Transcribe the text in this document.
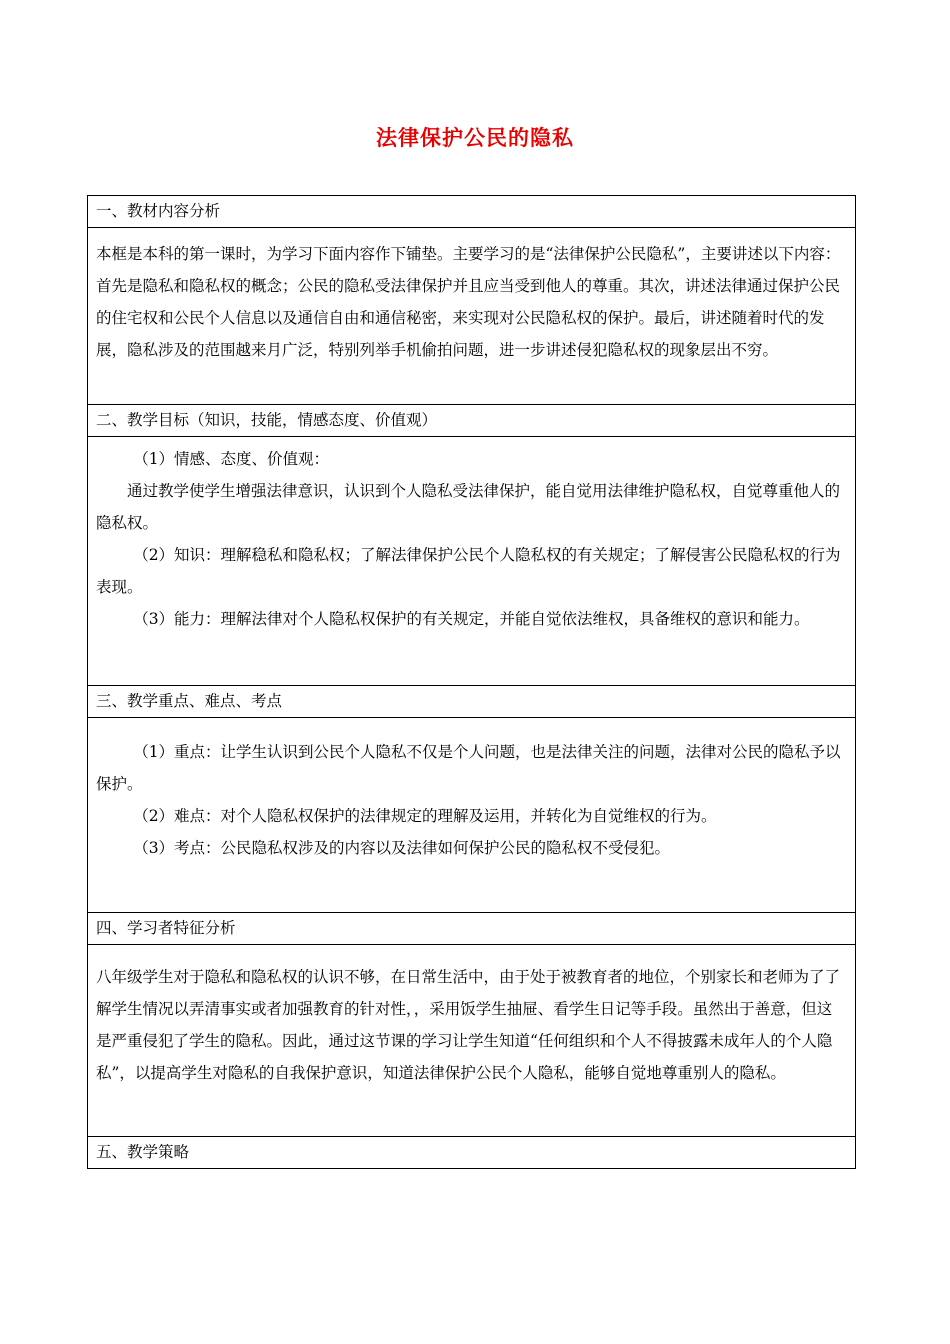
法律保护公民的隐私
一、教材内容分析

本框是本科的第一课时，为学习下面内容作下铺垫。主要学习的是“法律保护公民隐私”，主要讲述以下内容：首先是隐私和隐私权的概念；公民的隐私受法律保护并且应当受到他人的尊重。其次，讲述法律通过保护公民的住宅权和公民个人信息以及通信自由和通信秘密，来实现对公民隐私权的保护。最后，讲述随着时代的发展，隐私涉及的范围越来月广泛，特别列举手机偷拍问题，进一步讲述侵犯隐私权的现象层出不穷。

二、教学目标（知识，技能，情感态度、价值观）

（1）情感、态度、价值观：

通过教学使学生增强法律意识，认识到个人隐私受法律保护，能自觉用法律维护隐私权，自觉尊重他人的隐私权。

（2）知识：理解稳私和隐私权；了解法律保护公民个人隐私权的有关规定；了解侵害公民隐私权的行为表现。

（3）能力：理解法律对个人隐私权保护的有关规定，并能自觉依法维权，具备维权的意识和能力。

三、教学重点、难点、考点

（1）重点：让学生认识到公民个人隐私不仅是个人问题，也是法律关注的问题，法律对公民的隐私予以保护。

（2）难点：对个人隐私权保护的法律规定的理解及运用，并转化为自觉维权的行为。

（3）考点：公民隐私权涉及的内容以及法律如何保护公民的隐私权不受侵犯。

四、学习者特征分析

八年级学生对于隐私和隐私权的认识不够，在日常生活中，由于处于被教育者的地位，个别家长和老师为了了解学生情况以弄清事实或者加强教育的针对性，，采用饭学生抽屉、看学生日记等手段。虽然出于善意，但这是严重侵犯了学生的隐私。因此，通过这节课的学习让学生知道“任何组织和个人不得披露未成年人的个人隐私”，以提高学生对隐私的自我保护意识，知道法律保护公民个人隐私，能够自觉地尊重别人的隐私。

五、教学策略
